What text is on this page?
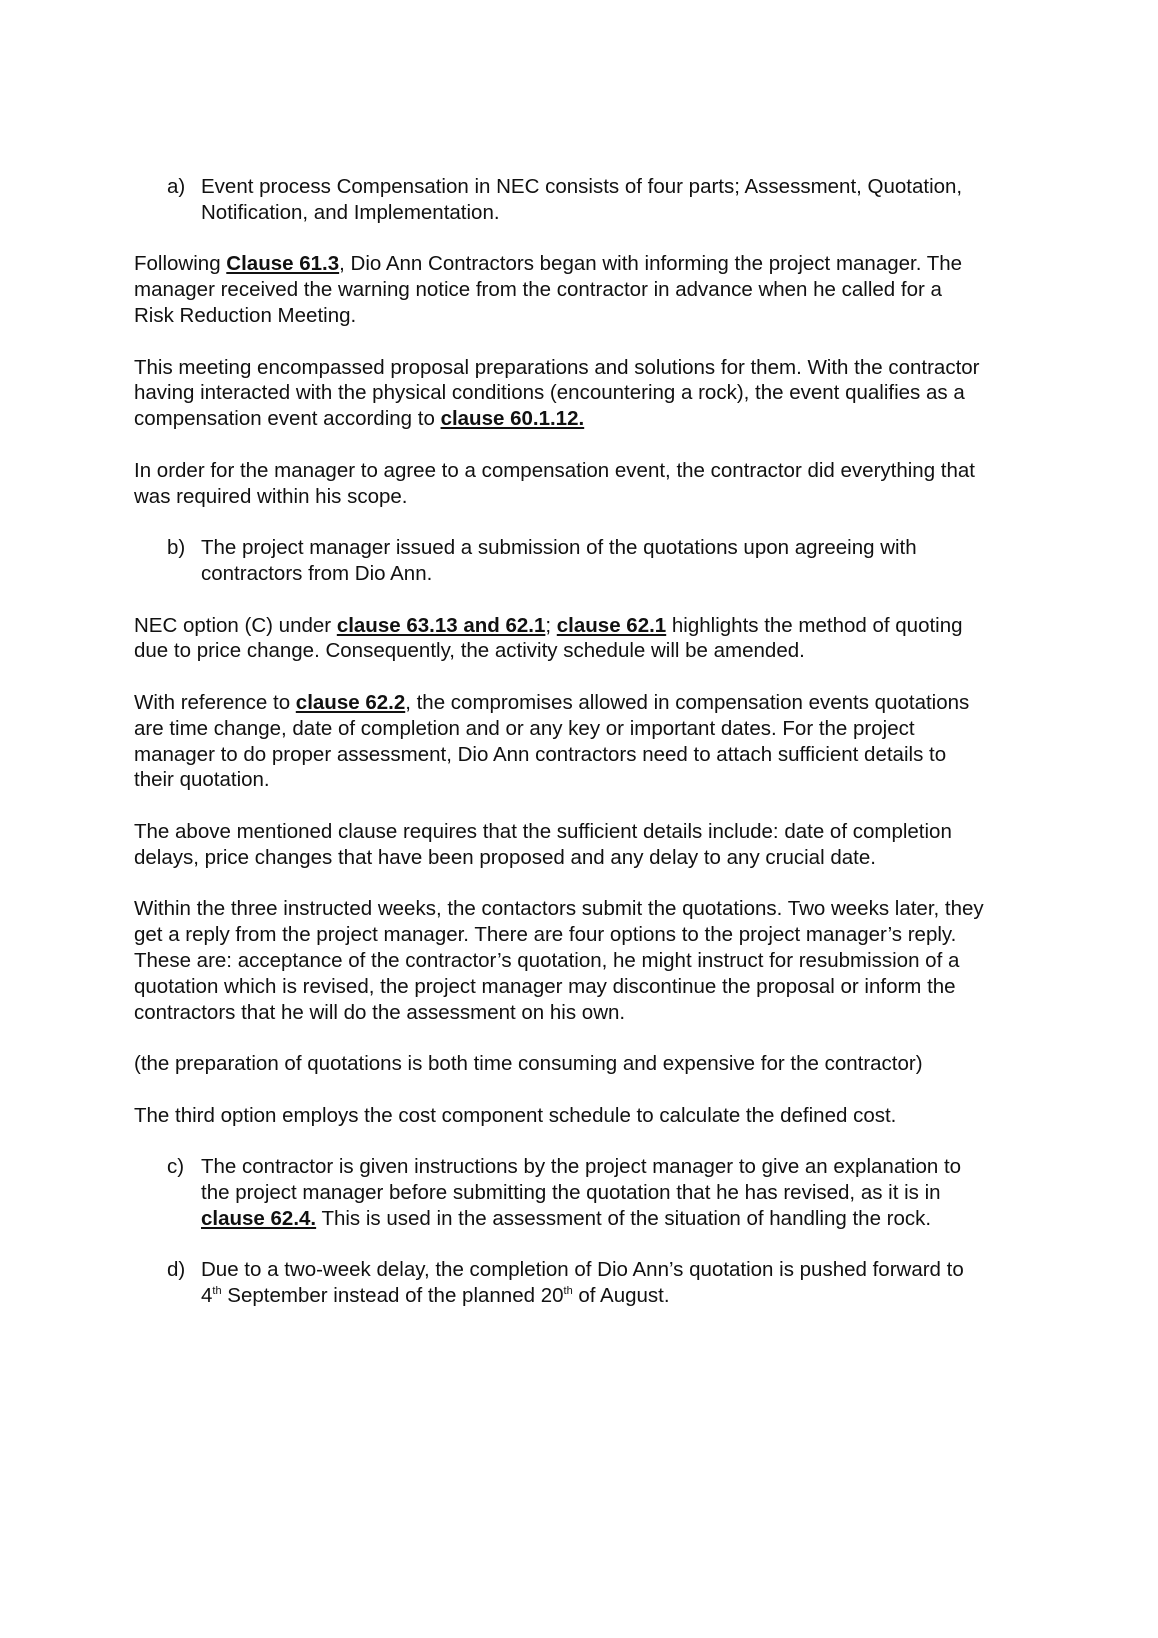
a) Event process Compensation in NEC consists of four parts; Assessment, Quotation, Notification, and Implementation.

Following Clause 61.3, Dio Ann Contractors began with informing the project manager. The manager received the warning notice from the contractor in advance when he called for a Risk Reduction Meeting.

This meeting encompassed proposal preparations and solutions for them. With the contractor having interacted with the physical conditions (encountering a rock), the event qualifies as a compensation event according to clause 60.1.12.

In order for the manager to agree to a compensation event, the contractor did everything that was required within his scope.

b) The project manager issued a submission of the quotations upon agreeing with contractors from Dio Ann.

NEC option (C) under clause 63.13 and 62.1; clause 62.1 highlights the method of quoting due to price change. Consequently, the activity schedule will be amended.

With reference to clause 62.2, the compromises allowed in compensation events quotations are time change, date of completion and or any key or important dates. For the project manager to do proper assessment, Dio Ann contractors need to attach sufficient details to their quotation.

The above mentioned clause requires that the sufficient details include: date of completion delays, price changes that have been proposed and any delay to any crucial date.

Within the three instructed weeks, the contactors submit the quotations. Two weeks later, they get a reply from the project manager. There are four options to the project manager’s reply. These are: acceptance of the contractor’s quotation, he might instruct for resubmission of a quotation which is revised, the project manager may discontinue the proposal or inform the contractors that he will do the assessment on his own.

(the preparation of quotations is both time consuming and expensive for the contractor)

The third option employs the cost component schedule to calculate the defined cost.

c) The contractor is given instructions by the project manager to give an explanation to the project manager before submitting the quotation that he has revised, as it is in clause 62.4. This is used in the assessment of the situation of handling the rock.
d) Due to a two-week delay, the completion of Dio Ann’s quotation is pushed forward to 4th September instead of the planned 20th of August.
